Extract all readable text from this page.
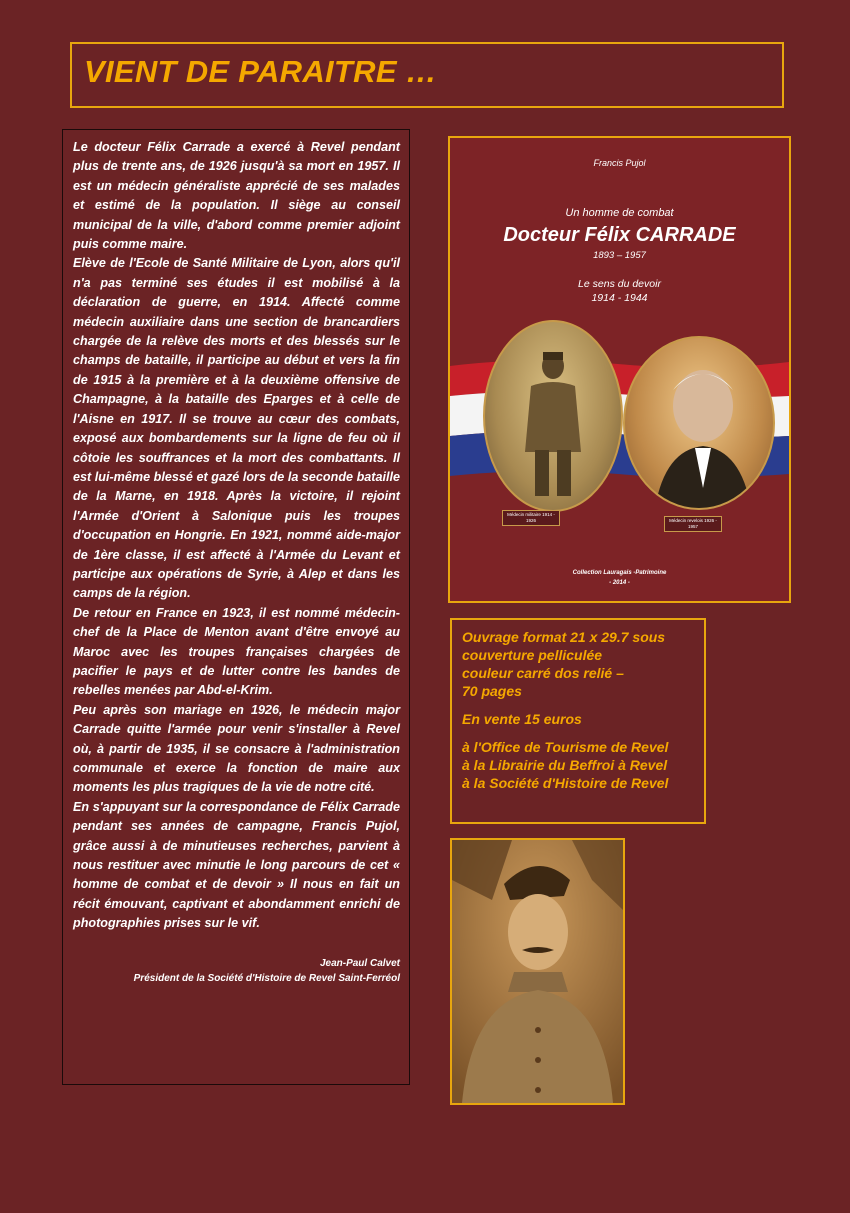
VIENT DE PARAITRE …

Le docteur Félix Carrade a exercé à Revel pendant plus de trente ans, de 1926 jusqu'à sa mort en 1957. Il est un médecin généraliste apprécié de ses malades et estimé de la population. Il siège au conseil municipal de la ville, d'abord comme premier adjoint puis comme maire.

Elève de l'Ecole de Santé Militaire de Lyon, alors qu'il n'a pas terminé ses études il est mobilisé à la déclaration de guerre, en 1914. Affecté comme médecin auxiliaire dans une section de brancardiers chargée de la relève des morts et des blessés sur le champs de bataille, il participe au début et vers la fin de 1915 à la première et à la deuxième offensive de Champagne, à la bataille des Eparges et à celle de l'Aisne en 1917. Il se trouve au cœur des combats, exposé aux bombardements sur la ligne de feu où il côtoie les souffrances et la mort des combattants. Il est lui-même blessé et gazé lors de la seconde bataille de la Marne, en 1918. Après la victoire, il rejoint l'Armée d'Orient à Salonique puis les troupes d'occupation en Hongrie. En 1921, nommé aide-major de 1ère classe, il est affecté à l'Armée du Levant et participe aux opérations de Syrie, à Alep et dans les camps de la région.

De retour en France en 1923, il est nommé médecin-chef de la Place de Menton avant d'être envoyé au Maroc avec les troupes françaises chargées de pacifier le pays et de lutter contre les bandes de rebelles menées par Abd-el-Krim.

Peu après son mariage en 1926, le médecin major Carrade quitte l'armée pour venir s'installer à Revel où, à partir de 1935, il se consacre à l'administration communale et exerce la fonction de maire aux moments les plus tragiques de la vie de notre cité.

En s'appuyant sur la correspondance de Félix Carrade pendant ses années de campagne, Francis Pujol, grâce aussi à de minutieuses recherches, parvient à nous restituer avec minutie le long parcours de cet « homme de combat et de devoir » Il nous en fait un récit émouvant, captivant et abondamment enrichi de photographies prises sur le vif.

Jean-Paul Calvet
Président de la Société d'Histoire de Revel Saint-Ferréol
Francis Pujol
Un homme de combat
Docteur Félix CARRADE
1893 – 1957
Le sens du devoir
1914 - 1944
Médecin militaire 1914 - 1926	Médecin revelois 1926 - 1957
Collection Lauragais -Patrimoine
- 2014 -
Ouvrage format 21 x 29.7 sous
couverture pelliculée
couleur carré dos relié –
70 pages
En vente 15 euros
à l'Office de Tourisme de Revel
à la Librairie du Beffroi à Revel
à la Société d'Histoire de Revel
